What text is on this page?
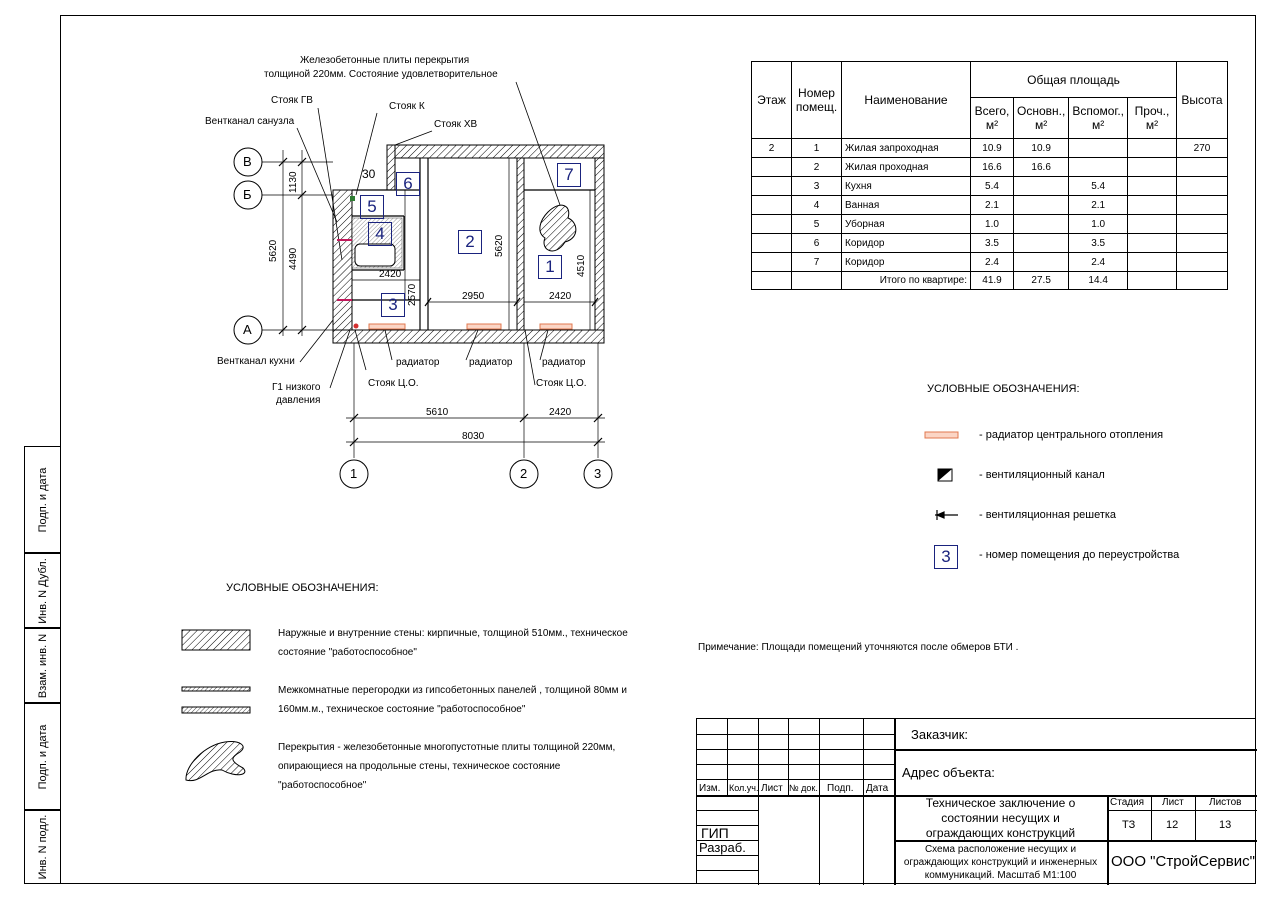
Подп. и дата
Инв. N Дубл.
Взам. инв. N
Подп. и дата
Инв. N подл.
В
Б
А
1	2	3
Железобетонные плиты перекрытия
толщиной 220мм. Состояние удовлетворительное
Стояк ГВ
Стояк К
Стояк ХВ
Вентканал санузла
Вентканал кухни
Г1 низкого
давления
Стояк Ц.О.	Стояк Ц.О.
радиатор	радиатор	радиатор
1130
4490
5620	5620
4510
2570
2420
2950	2420
5610	2420
8030
30
1
2
3
4
5
6	7
Этаж	Номер помещ.	Наименование	Общая площадь				Высота
			Всего, м²	Основн., м²	Вспомог., м²	Проч., м²	
2	1	Жилая запроходная	10.9	10.9			270
	2	Жилая проходная	16.6	16.6			
	3	Кухня	5.4		5.4		
	4	Ванная	2.1		2.1		
	5	Уборная	1.0		1.0		
	6	Коридор	3.5		3.5		
	7	Коридор	2.4		2.4		
		Итого по квартире:	41.9	27.5	14.4		
УСЛОВНЫЕ ОБОЗНАЧЕНИЯ:
- радиатор центрального отопления
- вентиляционный канал
- вентиляционная решетка
3	- номер помещения до переустройства
Примечание: Площади помещений уточняются после обмеров БТИ .
УСЛОВНЫЕ ОБОЗНАЧЕНИЯ:
Наружные и внутренние стены: кирпичные, толщиной 510мм., техническое
состояние "работоспособное"
Межкомнатные перегородки из гипсобетонных панелей , толщиной 80мм и
160мм.м., техническое состояние "работоспособное"
Перекрытия - железобетонные многопустотные плиты толщиной 220мм,
опирающиеся на продольные стены, техническое состояние
"работоспособное"
Заказчик:
Адрес объекта:
Изм. Кол.уч. Лист № док. Подп. Дата
ГИП
Разраб.
Техническое заключение о
состоянии несущих и
ограждающих конструкций
Стадия Лист	Листов
ТЗ	12	13
Схема расположение несущих и
ограждающих конструкций и инженерных
коммуникаций. Масштаб М1:100
ООО "СтройСервис"
